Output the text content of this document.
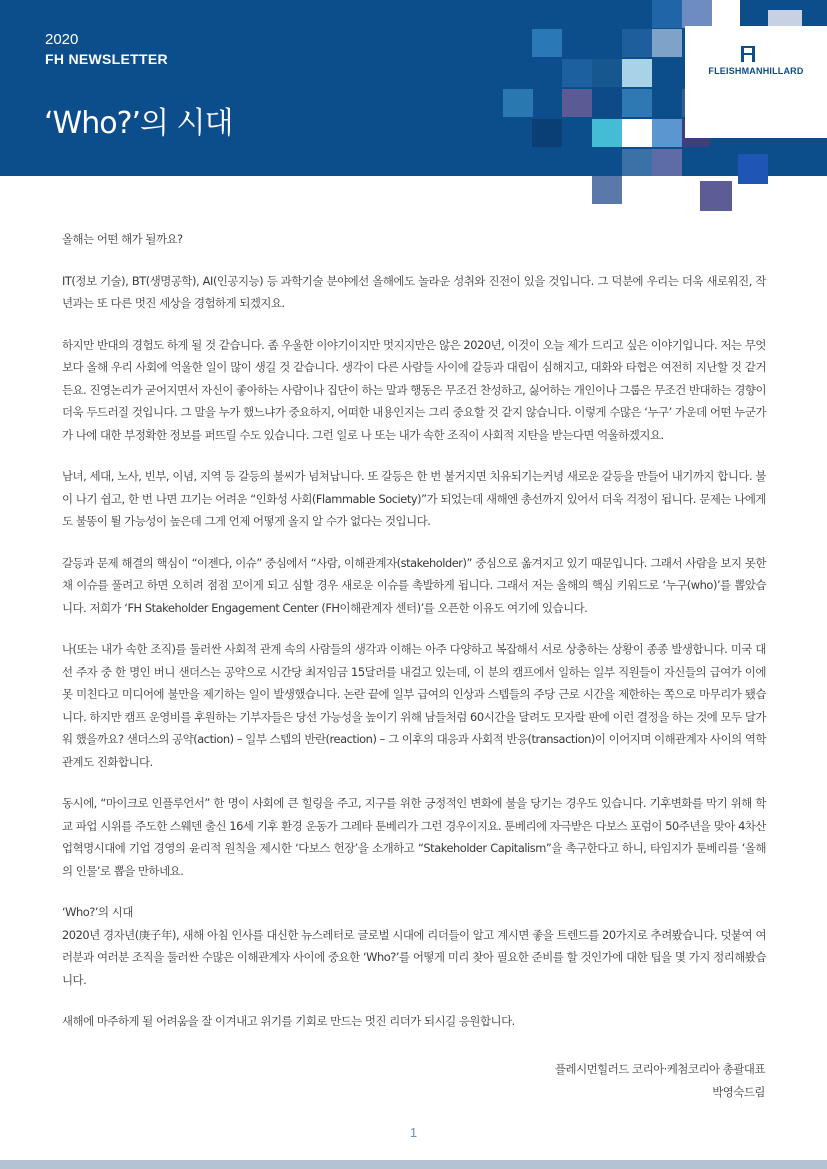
2020
FH NEWSLETTER
‘Who?’의 시대
FLEISHMANHILLARD

올해는 어떤 해가 될까요?

IT(정보 기술), BT(생명공학), AI(인공지능) 등 과학기술 분야에선 올해에도 놀라운 성취와 진전이 있을 것입니다. 그 덕분에 우리는 더욱 새로워진, 작년과는 또 다른 멋진 세상을 경험하게 되겠지요.

하지만 반대의 경험도 하게 될 것 같습니다. 좀 우울한 이야기이지만 멋지지만은 않은 2020년, 이것이 오늘 제가 드리고 싶은 이야기입니다. 저는 무엇보다 올해 우리 사회에 억울한 일이 많이 생길 것 같습니다. 생각이 다른 사람들 사이에 갈등과 대립이 심해지고, 대화와 타협은 여전히 지난할 것 같거든요. 진영논리가 굳어지면서 자신이 좋아하는 사람이나 집단이 하는 말과 행동은 무조건 찬성하고, 싫어하는 개인이나 그룹은 무조건 반대하는 경향이 더욱 두드러질 것입니다. 그 말을 누가 했느냐가 중요하지, 어떠한 내용인지는 그리 중요할 것 같지 않습니다. 이렇게 수많은 ‘누구’ 가운데 어떤 누군가가 나에 대한 부정확한 정보를 퍼뜨릴 수도 있습니다. 그런 일로 나 또는 내가 속한 조직이 사회적 지탄을 받는다면 억울하겠지요.

남녀, 세대, 노사, 빈부, 이념, 지역 등 갈등의 불씨가 넘쳐납니다. 또 갈등은 한 번 불거지면 치유되기는커녕 새로운 갈등을 만들어 내기까지 합니다. 불이 나기 쉽고, 한 번 나면 끄기는 어려운 “인화성 사회(Flammable Society)”가 되었는데 새해엔 총선까지 있어서 더욱 걱정이 됩니다. 문제는 나에게도 불똥이 튈 가능성이 높은데 그게 언제 어떻게 올지 알 수가 없다는 것입니다.

갈등과 문제 해결의 핵심이 “이젠다, 이슈” 중심에서 “사람, 이해관계자(stakeholder)” 중심으로 옮겨지고 있기 때문입니다. 그래서 사람을 보지 못한 채 이슈를 풀려고 하면 오히려 점점 꼬이게 되고 심할 경우 새로운 이슈를 촉발하게 됩니다. 그래서 저는 올해의 핵심 키워드로 ‘누구(who)’를 뽑았습니다. 저희가 ‘FH Stakeholder Engagement Center (FH이해관계자 센터)’를 오픈한 이유도 여기에 있습니다.

나(또는 내가 속한 조직)를 둘러싼 사회적 관계 속의 사람들의 생각과 이해는 아주 다양하고 복잡해서 서로 상충하는 상황이 종종 발생합니다. 미국 대선 주자 중 한 명인 버니 샌더스는 공약으로 시간당 최저임금 15달러를 내걸고 있는데, 이 분의 캠프에서 일하는 일부 직원들이 자신들의 급여가 이에 못 미친다고 미디어에 불만을 제기하는 일이 발생했습니다. 논란 끝에 일부 급여의 인상과 스텝들의 주당 근로 시간을 제한하는 쪽으로 마무리가 됐습니다. 하지만 캠프 운영비를 후원하는 기부자들은 당선 가능성을 높이기 위해 남들처럼 60시간을 달려도 모자랄 판에 이런 결정을 하는 것에 모두 달가워 했을까요? 샌더스의 공약(action) – 일부 스텝의 반란(reaction) – 그 이후의 대응과 사회적 반응(transaction)이 이어지며 이해관계자 사이의 역학관계도 진화합니다.

동시에, “마이크로 인플루언서” 한 명이 사회에 큰 힐링을 주고, 지구를 위한 긍정적인 변화에 불을 당기는 경우도 있습니다. 기후변화를 막기 위해 학교 파업 시위를 주도한 스웨덴 출신 16세 기후 환경 운동가 그레타 툰베리가 그런 경우이지요. 툰베리에 자극받은 다보스 포럼이 50주년을 맞아 4차산업혁명시대에 기업 경영의 윤리적 원칙을 제시한 ‘다보스 헌장’을 소개하고 “Stakeholder Capitalism”을 촉구한다고 하니, 타임지가 툰베리를 ‘올해의 인물’로 뽑을 만하네요.

‘Who?’의 시대
2020년 경자년(庚子年), 새해 아침 인사를 대신한 뉴스레터로 글로벌 시대에 리더들이 알고 계시면 좋을 트렌드를 20가지로 추려봤습니다. 덧붙여 여러분과 여러분 조직을 둘러싼 수많은 이해관계자 사이에 중요한 ‘Who?’를 어떻게 미리 찾아 필요한 준비를 할 것인가에 대한 팁을 몇 가지 정리해봤습니다.

새해에 마주하게 될 어려움을 잘 이겨내고 위기를 기회로 만드는 멋진 리더가 되시길 응원합니다.

플레시먼힐러드 코리아·케첨코리아 총괄대표
박영숙드림
1
